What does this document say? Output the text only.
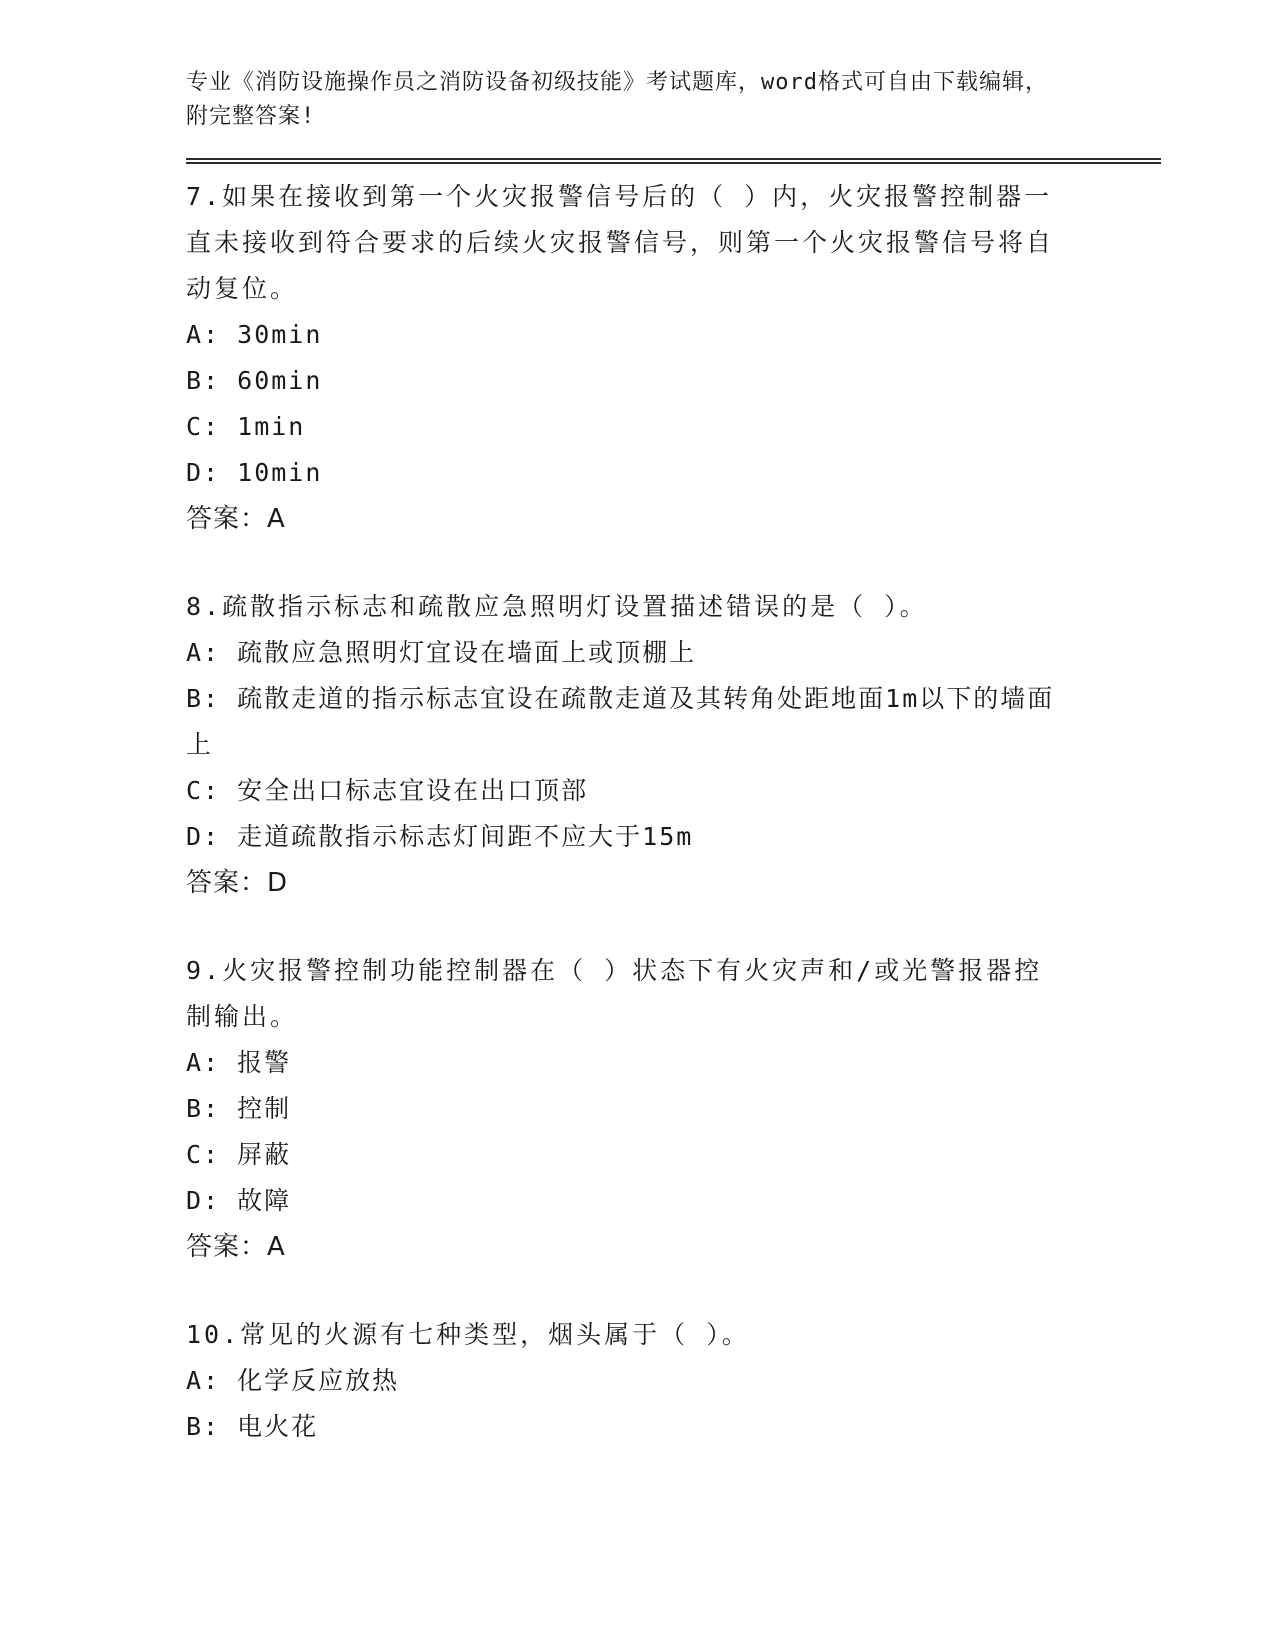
专业《消防设施操作员之消防设备初级技能》考试题库，word格式可自由下载编辑，附完整答案!
7.如果在接收到第一个火灾报警信号后的（ ）内，火灾报警控制器一直未接收到符合要求的后续火灾报警信号，则第一个火灾报警信号将自动复位。
A: 30min
B: 60min
C: 1min
D: 10min
答案：A
8.疏散指示标志和疏散应急照明灯设置描述错误的是（ ）。
A: 疏散应急照明灯宜设在墙面上或顶棚上
B: 疏散走道的指示标志宜设在疏散走道及其转角处距地面1m以下的墙面上
C: 安全出口标志宜设在出口顶部
D: 走道疏散指示标志灯间距不应大于15m
答案：D
9.火灾报警控制功能控制器在（ ）状态下有火灾声和/或光警报器控制输出。
A: 报警
B: 控制
C: 屏蔽
D: 故障
答案：A
10.常见的火源有七种类型，烟头属于（ ）。
A: 化学反应放热
B: 电火花
